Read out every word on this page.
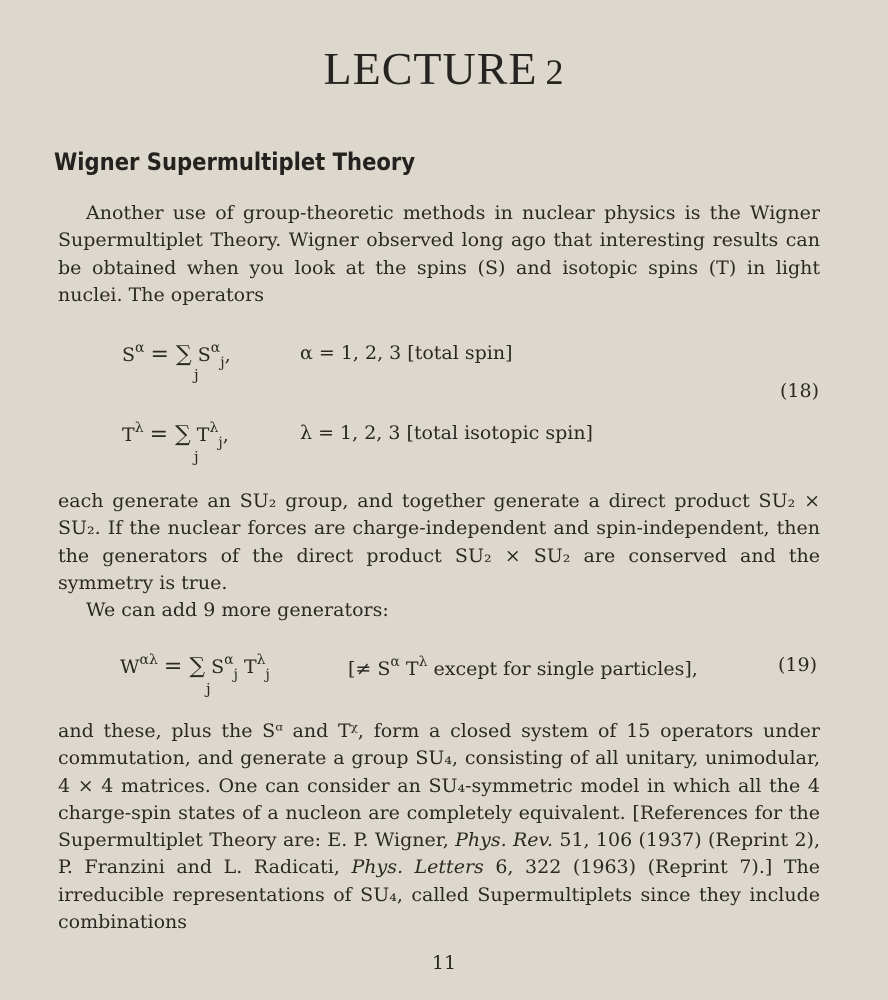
LECTURE 2
Wigner Supermultiplet Theory

Another use of group-theoretic methods in nuclear physics is the Wigner Supermultiplet Theory. Wigner observed long ago that interesting results can be obtained when you look at the spins (S) and isotopic spins (T) in light nuclei. The operators

$S^\alpha$ = ∑ $S^\alpha_j$,
j
α = 1, 2, 3 [total spin]
(18)
$T^\lambda$ = ∑ $T^\lambda_j$,
j
λ = 1, 2, 3 [total isotopic spin]

each generate an SU₂ group, and together generate a direct product SU₂ × SU₂. If the nuclear forces are charge-independent and spin-independent, then the generators of the direct product SU₂ × SU₂ are conserved and the symmetry is true.

We can add 9 more generators:

$W^{\alpha\lambda}$ = ∑ $S^\alpha_j$ $T^\lambda_j$
j
[≠ $S^\alpha$ $T^\lambda$ except for single particles],	(19)

and these, plus the Sᵅ and Tᵡ, form a closed system of 15 operators under commutation, and generate a group SU₄, consisting of all unitary, unimodular, 4 × 4 matrices. One can consider an SU₄-symmetric model in which all the 4 charge-spin states of a nucleon are completely equivalent. [References for the Supermultiplet Theory are: E. P. Wigner, Phys. Rev. 51, 106 (1937) (Reprint 2), P. Franzini and L. Radicati, Phys. Letters 6, 322 (1963) (Reprint 7).] The irreducible representations of SU₄, called Supermultiplets since they include combinations

11
